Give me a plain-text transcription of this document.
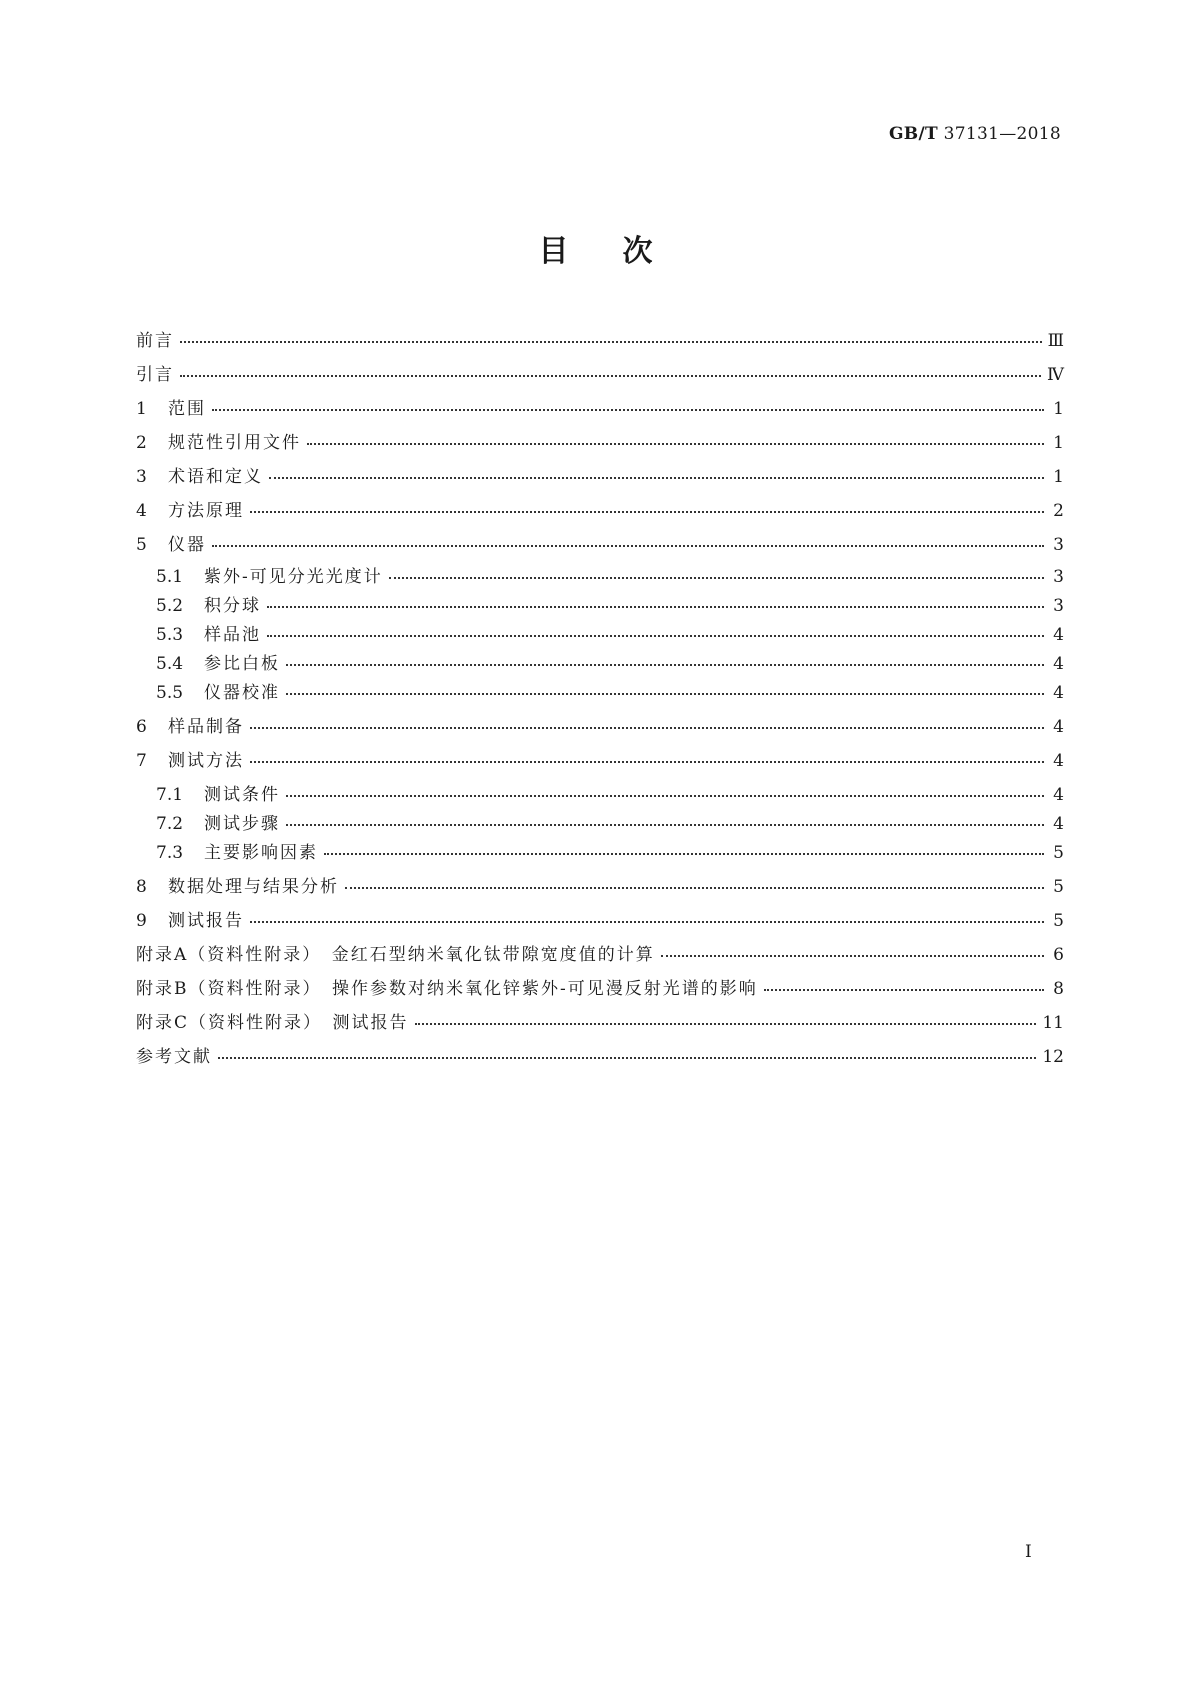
GB/T 37131—2018
目次
前言	Ⅲ
引言	Ⅳ
1	范围	1
2	规范性引用文件	1
3	术语和定义	1
4	方法原理	2
5	仪器	3
5.1	紫外-可见分光光度计	3
5.2	积分球	3
5.3	样品池	4
5.4	参比白板	4
5.5	仪器校准	4
6	样品制备	4
7	测试方法	4
7.1	测试条件	4
7.2	测试步骤	4
7.3	主要影响因素	5
8	数据处理与结果分析	5
9	测试报告	5
附录A（资料性附录）　金红石型纳米氧化钛带隙宽度值的计算	6
附录B（资料性附录）　操作参数对纳米氧化锌紫外-可见漫反射光谱的影响	8
附录C（资料性附录）　测试报告	11
参考文献	12
I
